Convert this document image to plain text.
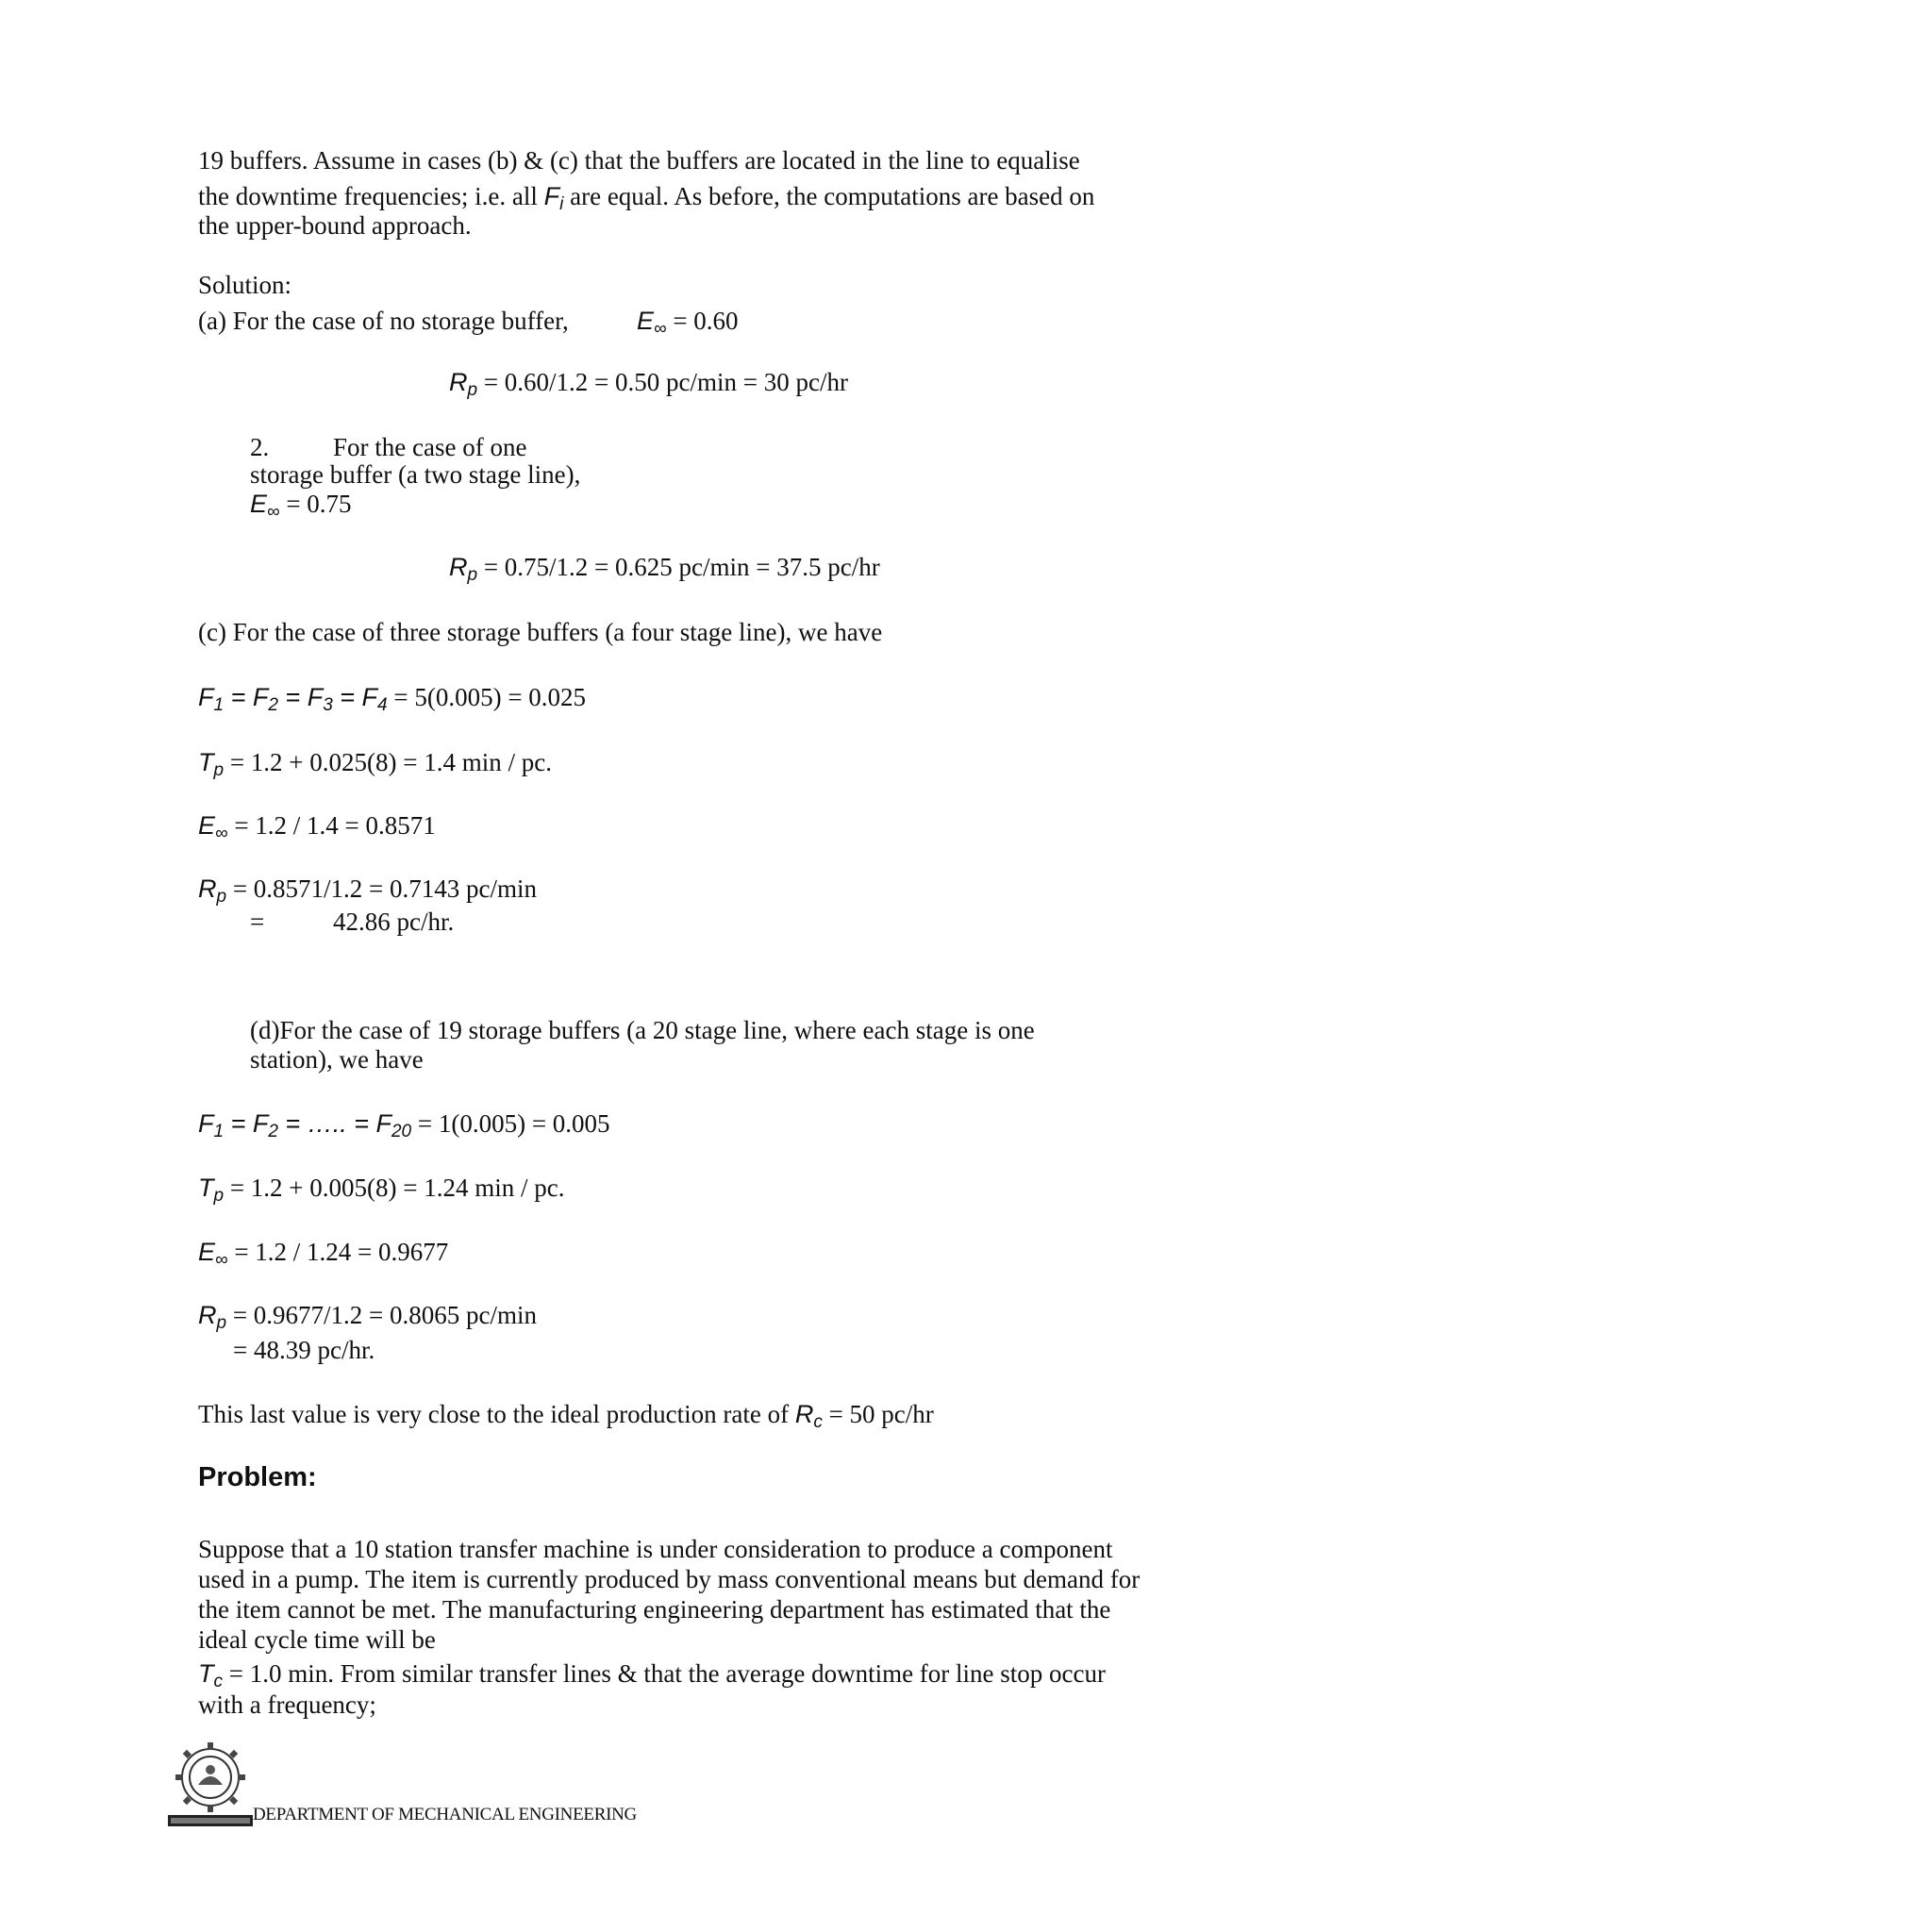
19 buffers. Assume in cases (b) & (c) that the buffers are located in the line to equalise
the downtime frequencies; i.e. all $F_i$ are equal. As before, the computations are based on
the upper-bound approach.
Solution:
(a) For the case of no storage buffer,	$E_\infty = 0.60$
$R_p = 0.60/1.2 = 0.50$ pc/min = 30 pc/hr
2.	For the case of one
storage buffer (a two stage line),
$E_\infty = 0.75$
$R_p = 0.75/1.2 = 0.625$ pc/min = 37.5 pc/hr
(c) For the case of three storage buffers (a four stage line), we have
$F_1 = F_2 = F_3 = F_4 = 5(0.005) = 0.025$
$T_p = 1.2 + 0.025(8) = 1.4$ min / pc.
$E_\infty = 1.2 / 1.4 = 0.8571$
$R_p = 0.8571/1.2 = 0.7143$ pc/min
=	42.86 pc/hr.
(d)For the case of 19 storage buffers (a 20 stage line, where each stage is one
station), we have
$F_1 = F_2$ = ….. = $F_{20} = 1(0.005) = 0.005$
$T_p = 1.2 + 0.005(8) = 1.24$ min / pc.
$E_\infty = 1.2 / 1.24 = 0.9677$
$R_p = 0.9677/1.2 = 0.8065$ pc/min
= 48.39 pc/hr.
This last value is very close to the ideal production rate of $R_c = 50$ pc/hr
Problem:
Suppose that a 10 station transfer machine is under consideration to produce a component
used in a pump. The item is currently produced by mass conventional means but demand for
the item cannot be met. The manufacturing engineering department has estimated that the
ideal cycle time will be
$T_c = 1.0$ min. From similar transfer lines & that the average downtime for line stop occur
with a frequency;
DEPARTMENT OF MECHANICAL ENGINEERING
